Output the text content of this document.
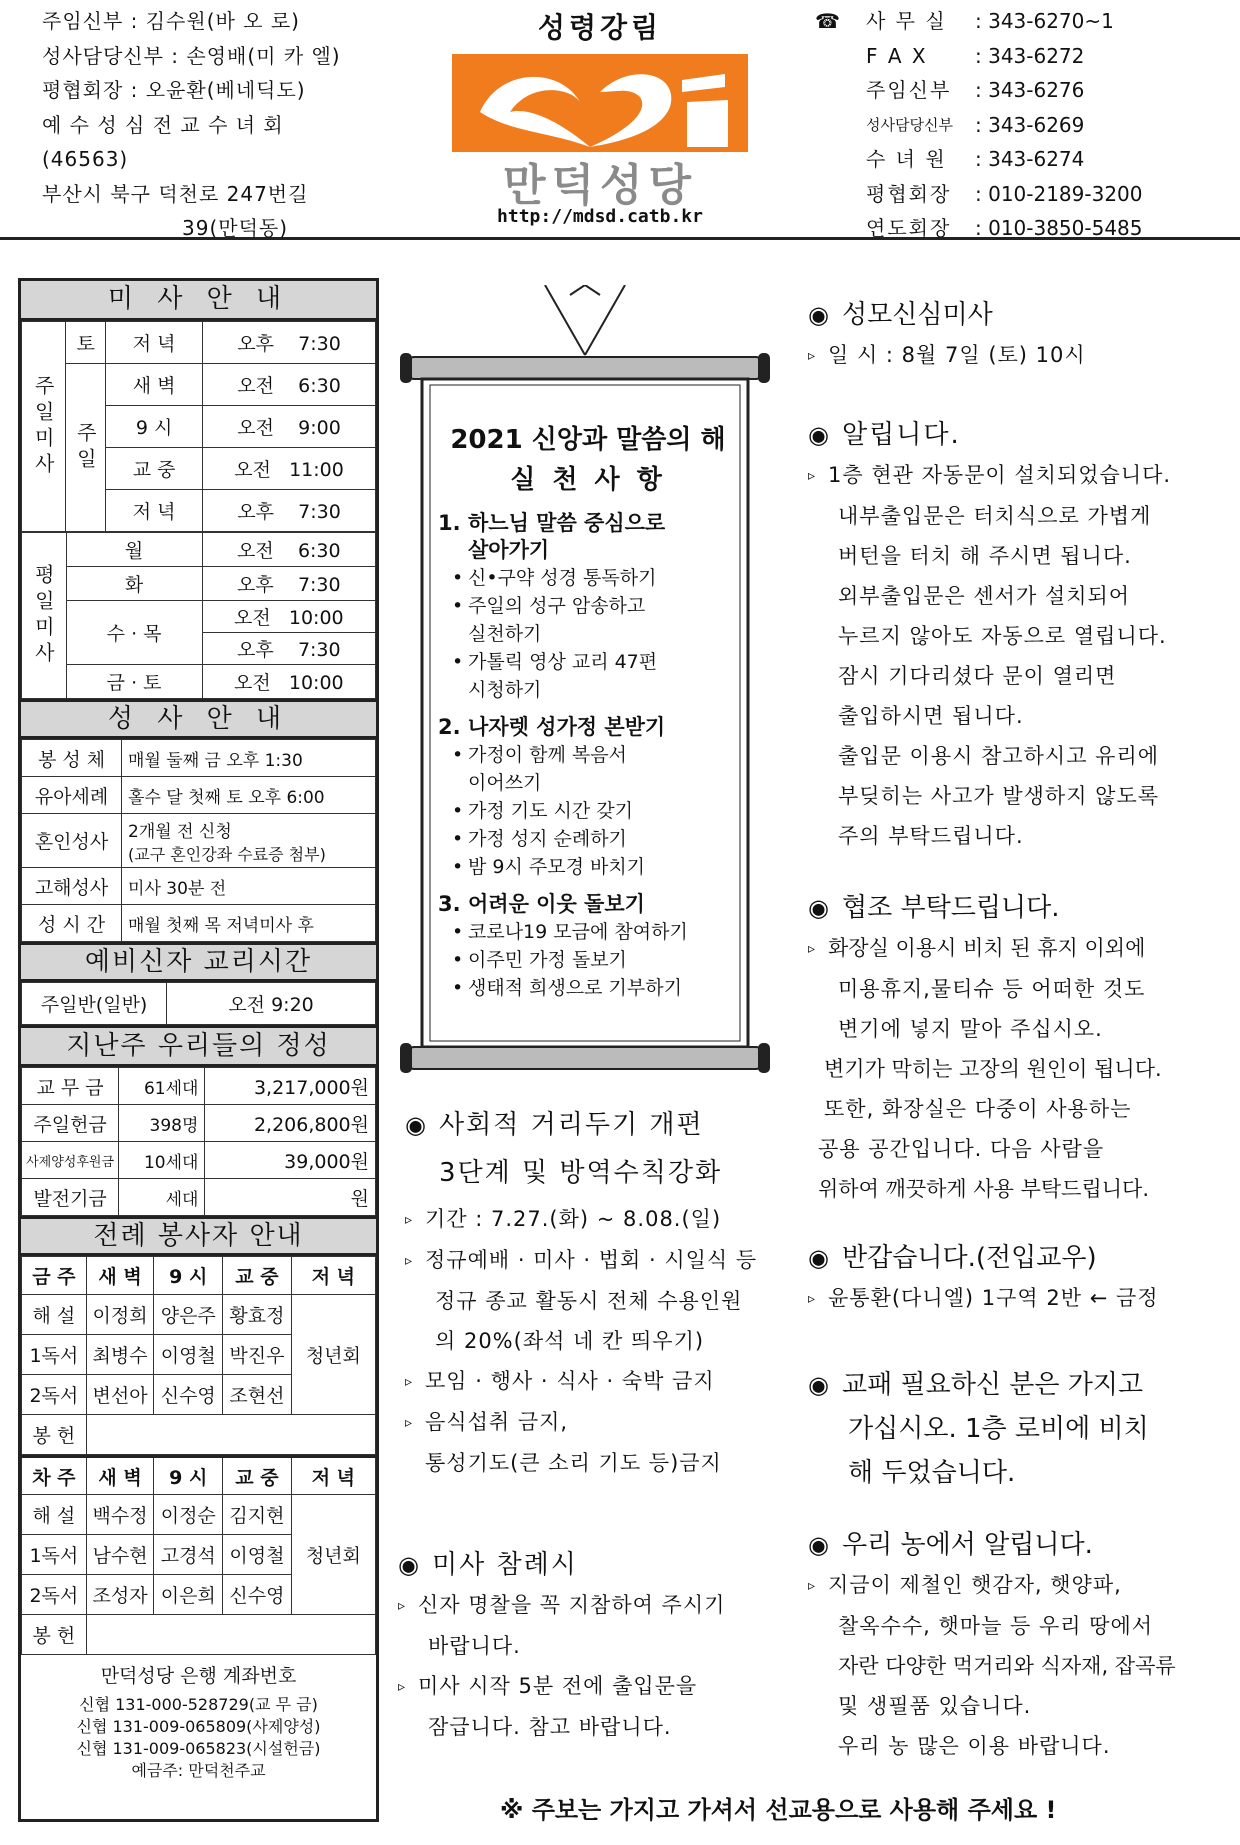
주임신부 : 김수원(바 오 로)
성사담당신부 : 손영배(미 카 엘)
평협회장 : 오윤환(베네딕도)
예 수 성 심 전 교 수 녀 회
(46563)
부산시 북구 덕천로 247번길
39(만덕동)
성령강림
만덕성당
http://mdsd.catb.kr
☎ 사 무 실	: 343-6270~1

F A X	: 343-6272

주임신부	: 343-6276

성사담당신부	: 343-6269

수 녀 원	: 343-6274

평협회장	: 010-2189-3200

연도회장	: 010-3850-5485

미 사 안 내
주일미사	토	저 녁	오후 7:30
	주일	새 벽	오전 6:30
		9 시	오전 9:00
		교 중	오전 11:00
		저 녁	오후 7:30
평일미사	월	오전 6:30
	화	오후 7:30
	수 · 목	오전 10:00
		오후 7:30
	금 · 토	오전 10:00
성 사 안 내
봉 성 체	매월 둘째 금 오후 1:30
유아세례	홀수 달 첫째 토 오후 6:00
혼인성사	2개월 전 신청
(교구 혼인강좌 수료증 첨부)

고해성사	미사 30분 전
성 시 간	매월 첫째 목 저녁미사 후
예비신자 교리시간
주일반(일반)	오전 9:20
지난주 우리들의 정성
교 무 금	61세대	3,217,000원
주일헌금	398명	2,206,800원
사제양성후원금	10세대	39,000원
발전기금	세대	원
전례 봉사자 안내
금 주	새 벽	9 시	교 중	저 녁
해 설	이정희	양은주	황효정	청년회
1독서	최병수	이영철	박진우	
2독서	변선아	신수영	조현선	
봉 헌				
차 주	새 벽	9 시	교 중	저 녁
해 설	백수정	이정순	김지현	청년회
1독서	남수현	고경석	이영철	
2독서	조성자	이은희	신수영	
봉 헌				
만덕성당 은행 계좌번호
신협 131-000-528729(교 무 금)
신협 131-009-065809(사제양성)
신협 131-009-065823(시설헌금)
예금주: 만덕천주교
2021 신앙과 말씀의 해
실 천 사 항
1. 하느님 말씀 중심으로
살아가기
• 신•구약 성경 통독하기
• 주일의 성구 암송하고
실천하기
• 가톨릭 영상 교리 47편
시청하기
2. 나자렛 성가정 본받기
• 가정이 함께 복음서
이어쓰기
• 가정 기도 시간 갖기
• 가정 성지 순례하기
• 밤 9시 주모경 바치기
3. 어려운 이웃 돌보기
• 코로나19 모금에 참여하기
• 이주민 가정 돌보기
• 생태적 희생으로 기부하기
◉ 사회적 거리두기 개편
3단계 및 방역수칙강화
▹ 기간 : 7.27.(화) ~ 8.08.(일)
▹ 정규예배 · 미사 · 법회 · 시일식 등
정규 종교 활동시 전체 수용인원
의 20%(좌석 네 칸 띄우기)
▹ 모임 · 행사 · 식사 · 숙박 금지
▹ 음식섭취 금지,
통성기도(큰 소리 기도 등)금지
◉ 미사 참례시
▹ 신자 명찰을 꼭 지참하여 주시기
바랍니다.
▹ 미사 시작 5분 전에 출입문을
잠급니다. 참고 바랍니다.
◉ 성모신심미사
▹ 일 시 : 8월 7일 (토) 10시
◉ 알립니다.
▹ 1층 현관 자동문이 설치되었습니다.
내부출입문은 터치식으로 가볍게
버턴을 터치 해 주시면 됩니다.
외부출입문은 센서가 설치되어
누르지 않아도 자동으로 열립니다.
잠시 기다리셨다 문이 열리면
출입하시면 됩니다.
출입문 이용시 참고하시고 유리에
부딪히는 사고가 발생하지 않도록
주의 부탁드립니다.
◉ 협조 부탁드립니다.
▹ 화장실 이용시 비치 된 휴지 이외에
미용휴지,물티슈 등 어떠한 것도
변기에 넣지 말아 주십시오.
변기가 막히는 고장의 원인이 됩니다.
또한, 화장실은 다중이 사용하는
공용 공간입니다. 다음 사람을
위하여 깨끗하게 사용 부탁드립니다.
◉ 반갑습니다.(전입교우)
▹ 윤통환(다니엘) 1구역 2반 ← 금정
◉ 교패 필요하신 분은 가지고
가십시오. 1층 로비에 비치
해 두었습니다.
◉ 우리 농에서 알립니다.
▹ 지금이 제철인 햇감자, 햇양파,
찰옥수수, 햇마늘 등 우리 땅에서
자란 다양한 먹거리와 식자재, 잡곡류
및 생필품 있습니다.
우리 농 많은 이용 바랍니다.
※ 주보는 가지고 가셔서 선교용으로 사용해 주세요 !
